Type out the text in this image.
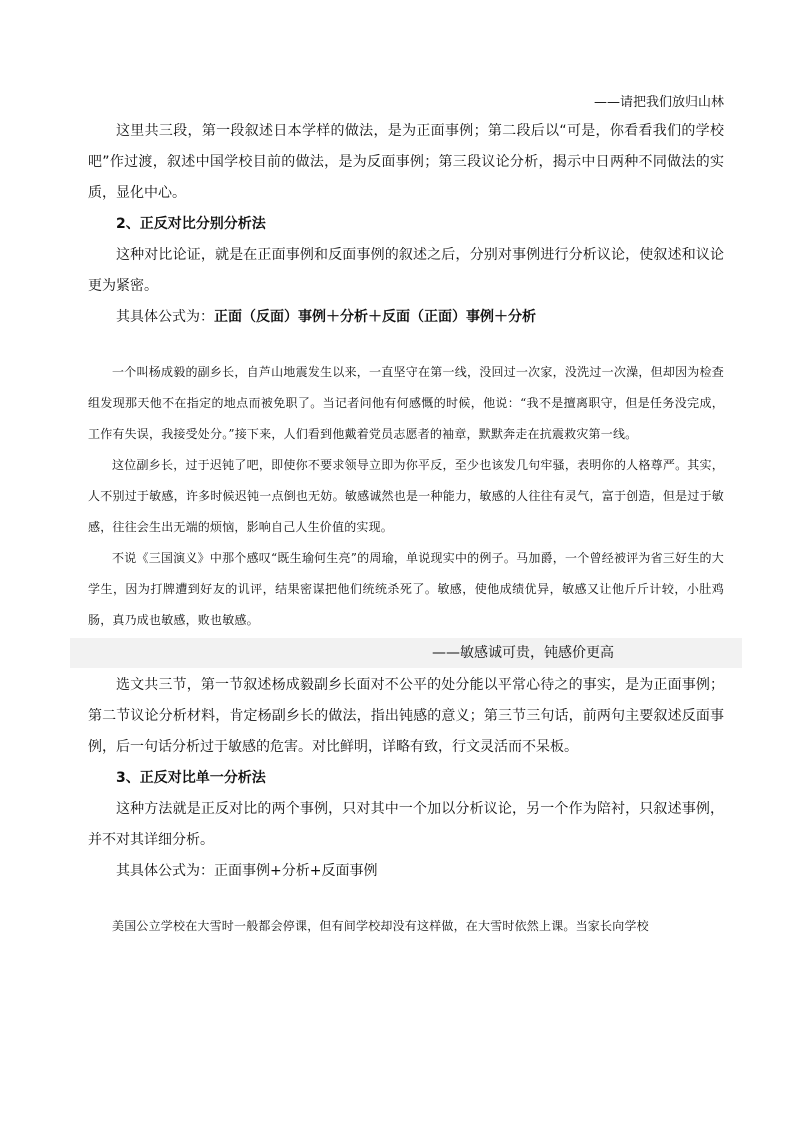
——请把我们放归山林

这里共三段，第一段叙述日本学样的做法，是为正面事例；第二段后以“可是，你看看我们的学校吧”作过渡，叙述中国学校目前的做法，是为反面事例；第三段议论分析，揭示中日两种不同做法的实质，显化中心。

2、正反对比分别分析法

这种对比论证，就是在正面事例和反面事例的叙述之后，分别对事例进行分析议论，使叙述和议论更为紧密。

其具体公式为：正面（反面）事例＋分析＋反面（正面）事例＋分析

一个叫杨成毅的副乡长，自芦山地震发生以来，一直坚守在第一线，没回过一次家，没洗过一次澡，但却因为检查组发现那天他不在指定的地点而被免职了。当记者问他有何感慨的时候，他说：“我不是擅离职守，但是任务没完成，工作有失误，我接受处分。”接下来，人们看到他戴着党员志愿者的袖章，默默奔走在抗震救灾第一线。

这位副乡长，过于迟钝了吧，即使你不要求领导立即为你平反，至少也该发几句牢骚，表明你的人格尊严。其实，人不别过于敏感，许多时候迟钝一点倒也无妨。敏感诚然也是一种能力，敏感的人往往有灵气，富于创造，但是过于敏感，往往会生出无端的烦恼，影响自己人生价值的实现。

不说《三国演义》中那个感叹“既生瑜何生亮”的周瑜，单说现实中的例子。马加爵，一个曾经被评为省三好生的大学生，因为打牌遭到好友的讥评，结果密谋把他们统统杀死了。敏感，使他成绩优异，敏感又让他斤斤计较，小肚鸡肠，真乃成也敏感，败也敏感。

——敏感诚可贵，钝感价更高

选文共三节，第一节叙述杨成毅副乡长面对不公平的处分能以平常心待之的事实，是为正面事例；第二节议论分析材料，肯定杨副乡长的做法，指出钝感的意义；第三节三句话，前两句主要叙述反面事例，后一句话分析过于敏感的危害。对比鲜明，详略有致，行文灵活而不呆板。

3、正反对比单一分析法

这种方法就是正反对比的两个事例，只对其中一个加以分析议论，另一个作为陪衬，只叙述事例，并不对其详细分析。

其具体公式为：正面事例+分析+反面事例

美国公立学校在大雪时一般都会停课，但有间学校却没有这样做，在大雪时依然上课。当家长向学校
